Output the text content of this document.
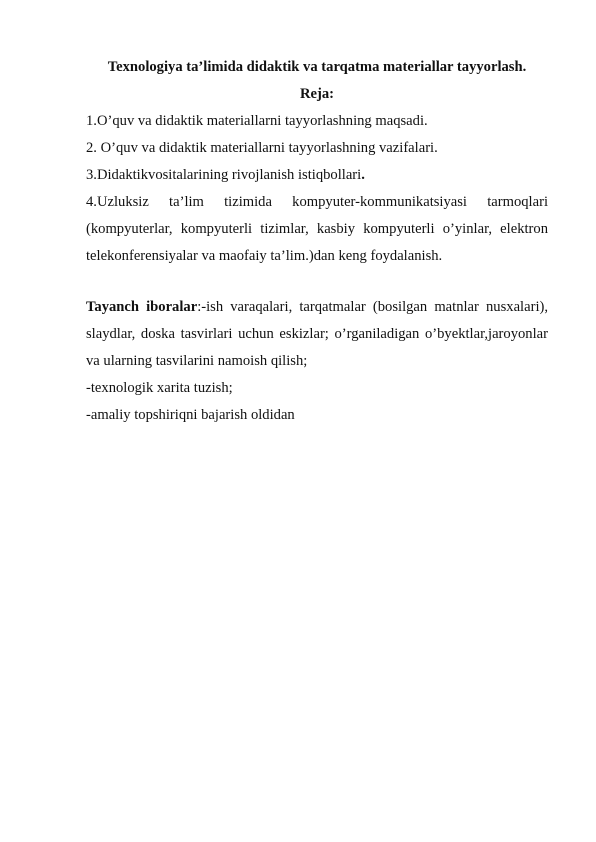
Texnologiya ta’limida didaktik va tarqatma materiallar tayyorlash.

Reja:

1.O’quv va didaktik materiallarni tayyorlashning maqsadi.

2. O’quv va didaktik materiallarni tayyorlashning vazifalari.

3.Didaktikvositalarining rivojlanish istiqbollari.

4.Uzluksiz ta’lim tizimida kompyuter-kommunikatsiyasi tarmoqlari (kompyuterlar, kompyuterli tizimlar, kasbiy kompyuterli o’yinlar, elektron telekonferensiyalar va maofaiy ta’lim.)dan keng foydalanish.

Tayanch iboralar:-ish varaqalari, tarqatmalar (bosilgan matnlar nusxalari), slaydlar, doska tasvirlari uchun eskizlar; o’rganiladigan o’byektlar,jaroyonlar va ularning tasvilarini namoish qilish;

-texnologik xarita tuzish;

-amaliy topshiriqni bajarish oldidan
